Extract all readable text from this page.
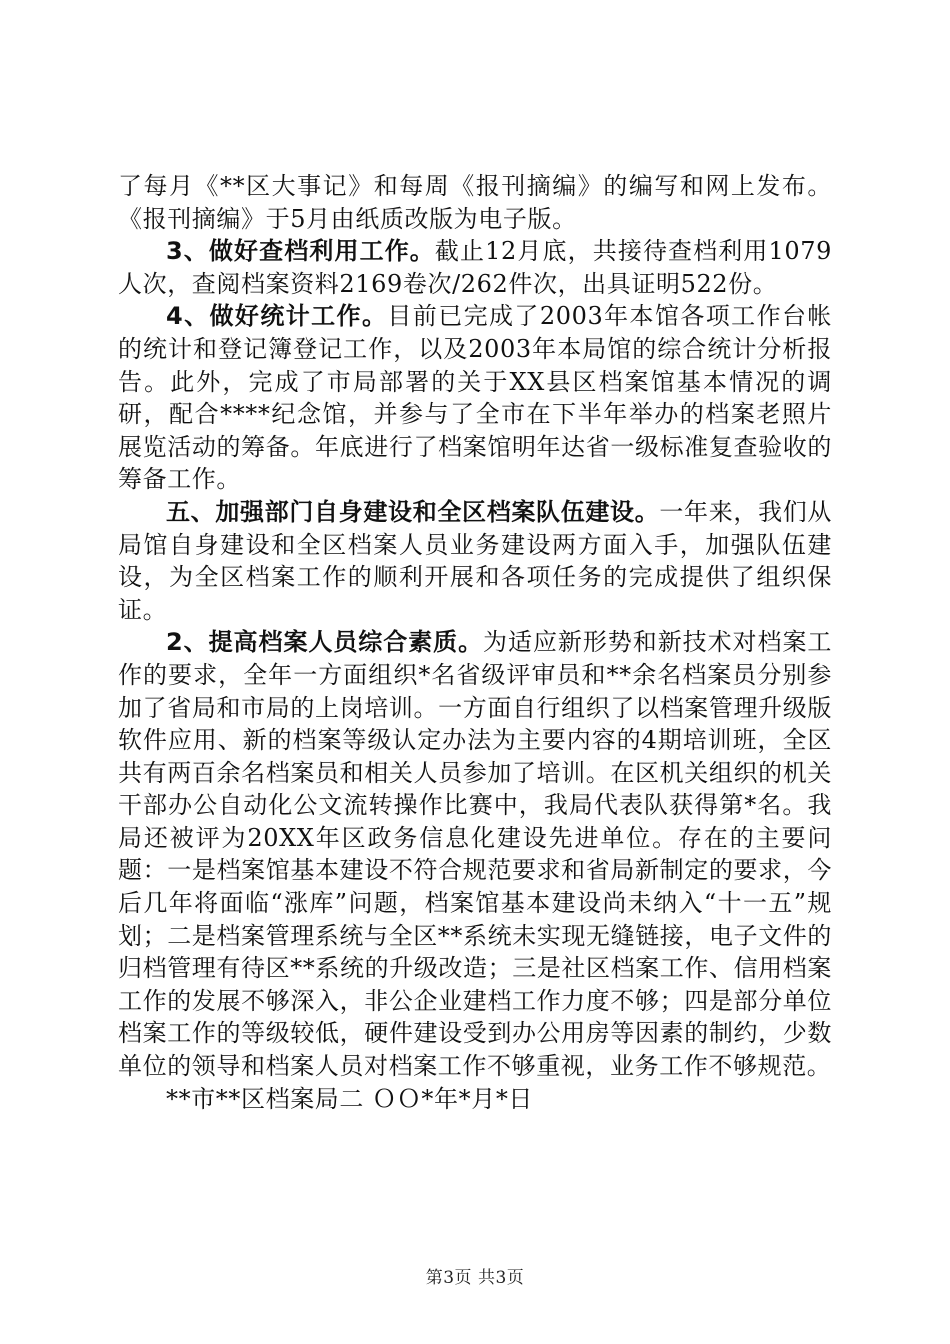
了每月《**区大事记》和每周《报刊摘编》的编写和网上发布。《报刊摘编》于5月由纸质改版为电子版。

3、做好查档利用工作。截止12月底，共接待查档利用1079人次，查阅档案资料2169卷次/262件次，出具证明522份。

4、做好统计工作。目前已完成了2003年本馆各项工作台帐的统计和登记簿登记工作，以及2003年本局馆的综合统计分析报告。此外，完成了市局部署的关于XX县区档案馆基本情况的调研，配合****纪念馆，并参与了全市在下半年举办的档案老照片展览活动的筹备。年底进行了档案馆明年达省一级标准复查验收的筹备工作。

五、加强部门自身建设和全区档案队伍建设。一年来，我们从局馆自身建设和全区档案人员业务建设两方面入手，加强队伍建设，为全区档案工作的顺利开展和各项任务的完成提供了组织保证。

2、提高档案人员综合素质。为适应新形势和新技术对档案工作的要求，全年一方面组织*名省级评审员和**余名档案员分别参加了省局和市局的上岗培训。一方面自行组织了以档案管理升级版软件应用、新的档案等级认定办法为主要内容的4期培训班，全区共有两百余名档案员和相关人员参加了培训。在区机关组织的机关干部办公自动化公文流转操作比赛中，我局代表队获得第*名。我局还被评为20XX年区政务信息化建设先进单位。存在的主要问题：一是档案馆基本建设不符合规范要求和省局新制定的要求，今后几年将面临“涨库”问题，档案馆基本建设尚未纳入“十一五”规划；二是档案管理系统与全区**系统未实现无缝链接，电子文件的归档管理有待区**系统的升级改造；三是社区档案工作、信用档案工作的发展不够深入，非公企业建档工作力度不够；四是部分单位档案工作的等级较低，硬件建设受到办公用房等因素的制约，少数单位的领导和档案人员对档案工作不够重视，业务工作不够规范。

**市**区档案局二 ＯＯ*年*月*日

第3页 共3页
